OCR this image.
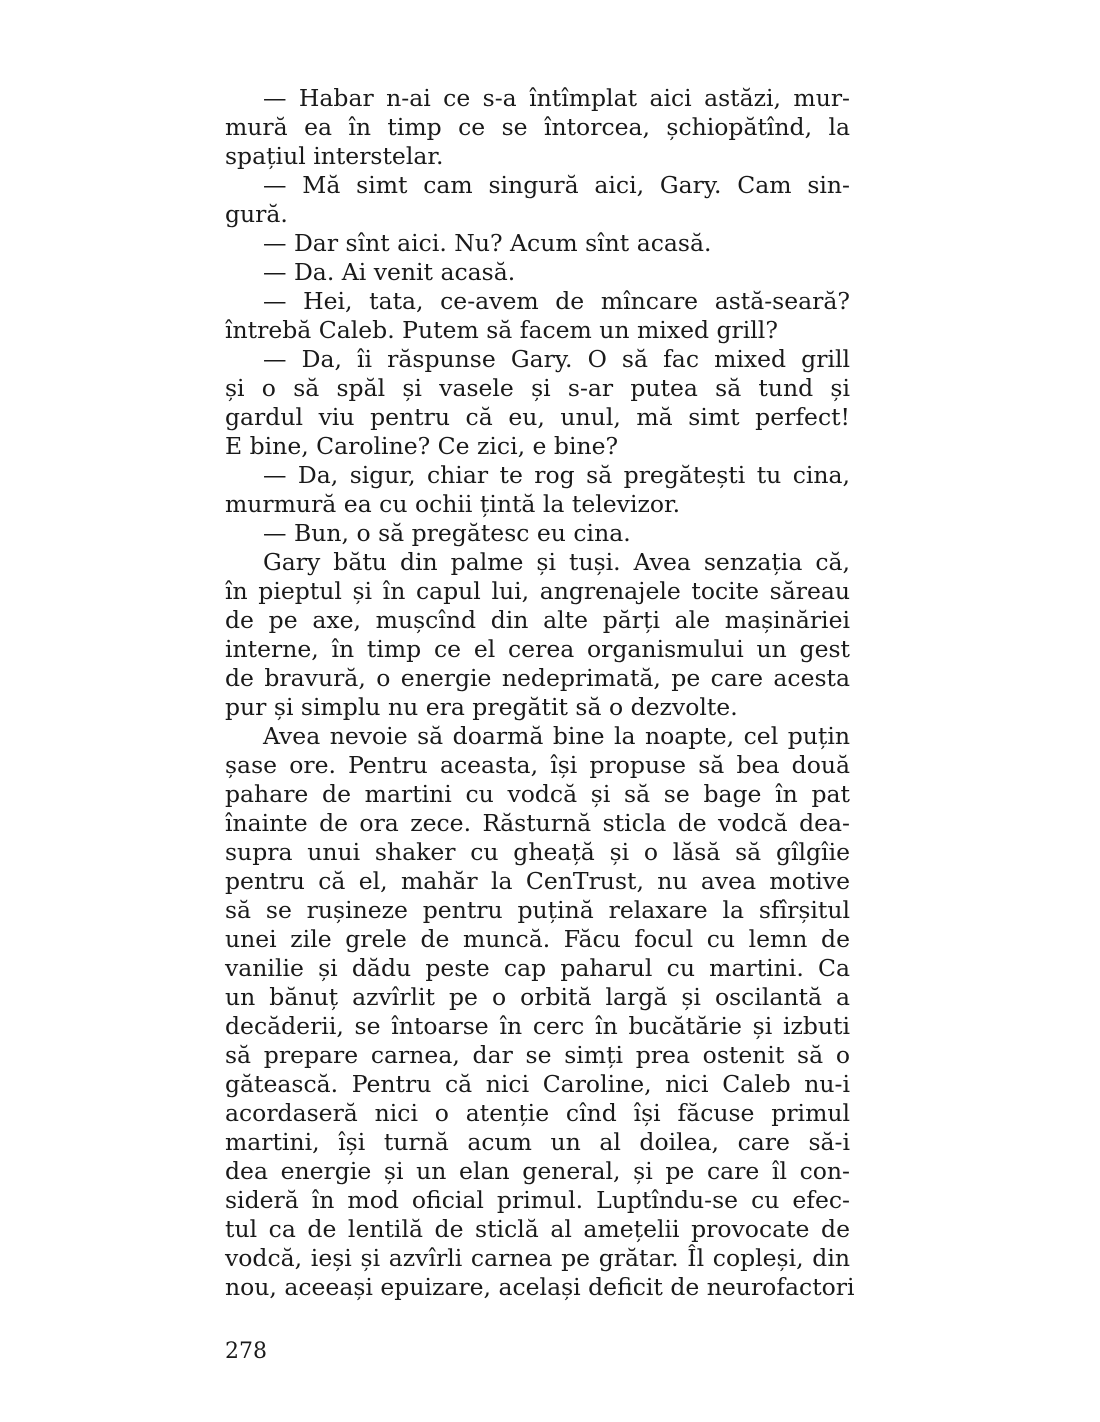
— Habar n-ai ce s-a întîmplat aici astăzi, mur-
mură ea în timp ce se întorcea, șchiopătînd, la
spațiul interstelar.
— Mă simt cam singură aici, Gary. Cam sin-
gură.
— Dar sînt aici. Nu? Acum sînt acasă.
— Da. Ai venit acasă.
— Hei, tata, ce-avem de mîncare astă-seară?
întrebă Caleb. Putem să facem un mixed grill?
— Da, îi răspunse Gary. O să fac mixed grill
și o să spăl și vasele și s-ar putea să tund și
gardul viu pentru că eu, unul, mă simt perfect!
E bine, Caroline? Ce zici, e bine?
— Da, sigur, chiar te rog să pregătești tu cina,
murmură ea cu ochii țintă la televizor.
— Bun, o să pregătesc eu cina.
Gary bătu din palme și tuși. Avea senzația că,
în pieptul și în capul lui, angrenajele tocite săreau
de pe axe, mușcînd din alte părți ale mașinăriei
interne, în timp ce el cerea organismului un gest
de bravură, o energie nedeprimată, pe care acesta
pur și simplu nu era pregătit să o dezvolte.
Avea nevoie să doarmă bine la noapte, cel puțin
șase ore. Pentru aceasta, își propuse să bea două
pahare de martini cu vodcă și să se bage în pat
înainte de ora zece. Răsturnă sticla de vodcă dea-
supra unui shaker cu gheață și o lăsă să gîlgîie
pentru că el, mahăr la CenTrust, nu avea motive
să se rușineze pentru puțină relaxare la sfîrșitul
unei zile grele de muncă. Făcu focul cu lemn de
vanilie și dădu peste cap paharul cu martini. Ca
un bănuț azvîrlit pe o orbită largă și oscilantă a
decăderii, se întoarse în cerc în bucătărie și izbuti
să prepare carnea, dar se simți prea ostenit să o
gătească. Pentru că nici Caroline, nici Caleb nu-i
acordaseră nici o atenție cînd își făcuse primul
martini, își turnă acum un al doilea, care să-i
dea energie și un elan general, și pe care îl con-
sideră în mod oficial primul. Luptîndu-se cu efec-
tul ca de lentilă de sticlă al amețelii provocate de
vodcă, ieși și azvîrli carnea pe grătar. Îl copleși, din
nou, aceeași epuizare, același deficit de neurofactori
278
